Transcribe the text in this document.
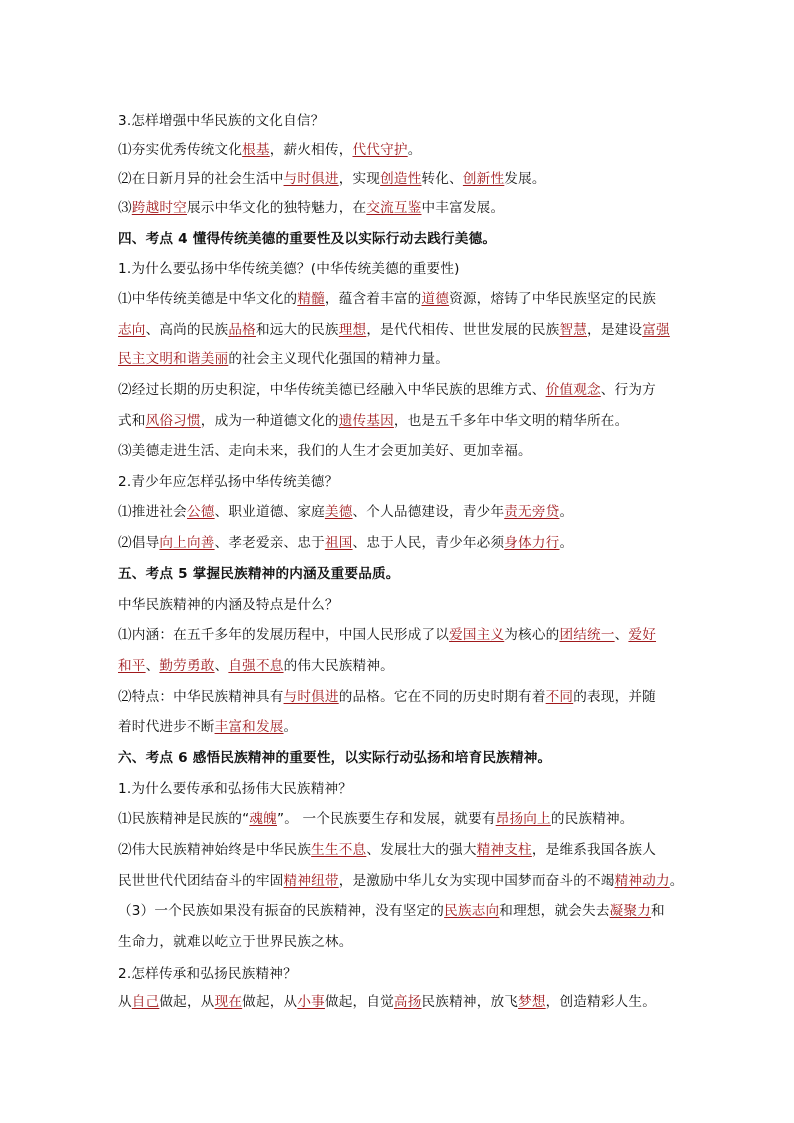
3.怎样增强中华民族的文化自信？
⑴夯实优秀传统文化根基，薪火相传，代代守护。
⑵在日新月异的社会生活中与时俱进，实现创造性转化、创新性发展。
⑶跨越时空展示中华文化的独特魅力，在交流互鉴中丰富发展。
四、考点 4 懂得传统美德的重要性及以实际行动去践行美德。
1.为什么要弘扬中华传统美德？(中华传统美德的重要性)
⑴中华传统美德是中华文化的精髓，蕴含着丰富的道德资源，熔铸了中华民族坚定的民族
志向、高尚的民族品格和远大的民族理想，是代代相传、世世发展的民族智慧，是建设富强
民主文明和谐美丽的社会主义现代化强国的精神力量。
⑵经过长期的历史积淀，中华传统美德已经融入中华民族的思维方式、价值观念、行为方
式和风俗习惯，成为一种道德文化的遗传基因，也是五千多年中华文明的精华所在。
⑶美德走进生活、走向未来，我们的人生才会更加美好、更加幸福。
2.青少年应怎样弘扬中华传统美德？
⑴推进社会公德、职业道德、家庭美德、个人品德建设，青少年责无旁贷。
⑵倡导向上向善、孝老爱亲、忠于祖国、忠于人民，青少年必须身体力行。
五、考点 5 掌握民族精神的内涵及重要品质。
中华民族精神的内涵及特点是什么？
⑴内涵：在五千多年的发展历程中，中国人民形成了以爱国主义为核心的团结统一、爱好
和平、勤劳勇敢、自强不息的伟大民族精神。
⑵特点：中华民族精神具有与时俱进的品格。它在不同的历史时期有着不同的表现，并随
着时代进步不断丰富和发展。
六、考点 6 感悟民族精神的重要性，以实际行动弘扬和培育民族精神。
1.为什么要传承和弘扬伟大民族精神？
⑴民族精神是民族的“魂魄”。 一个民族要生存和发展，就要有昂扬向上的民族精神。
⑵伟大民族精神始终是中华民族生生不息、发展壮大的强大精神支柱，是维系我国各族人
民世世代代团结奋斗的牢固精神纽带，是激励中华儿女为实现中国梦而奋斗的不竭精神动力。
（3）一个民族如果没有振奋的民族精神，没有坚定的民族志向和理想，就会失去凝聚力和
生命力，就难以屹立于世界民族之林。
2.怎样传承和弘扬民族精神？
从自己做起，从现在做起，从小事做起，自觉高扬民族精神，放飞梦想，创造精彩人生。
